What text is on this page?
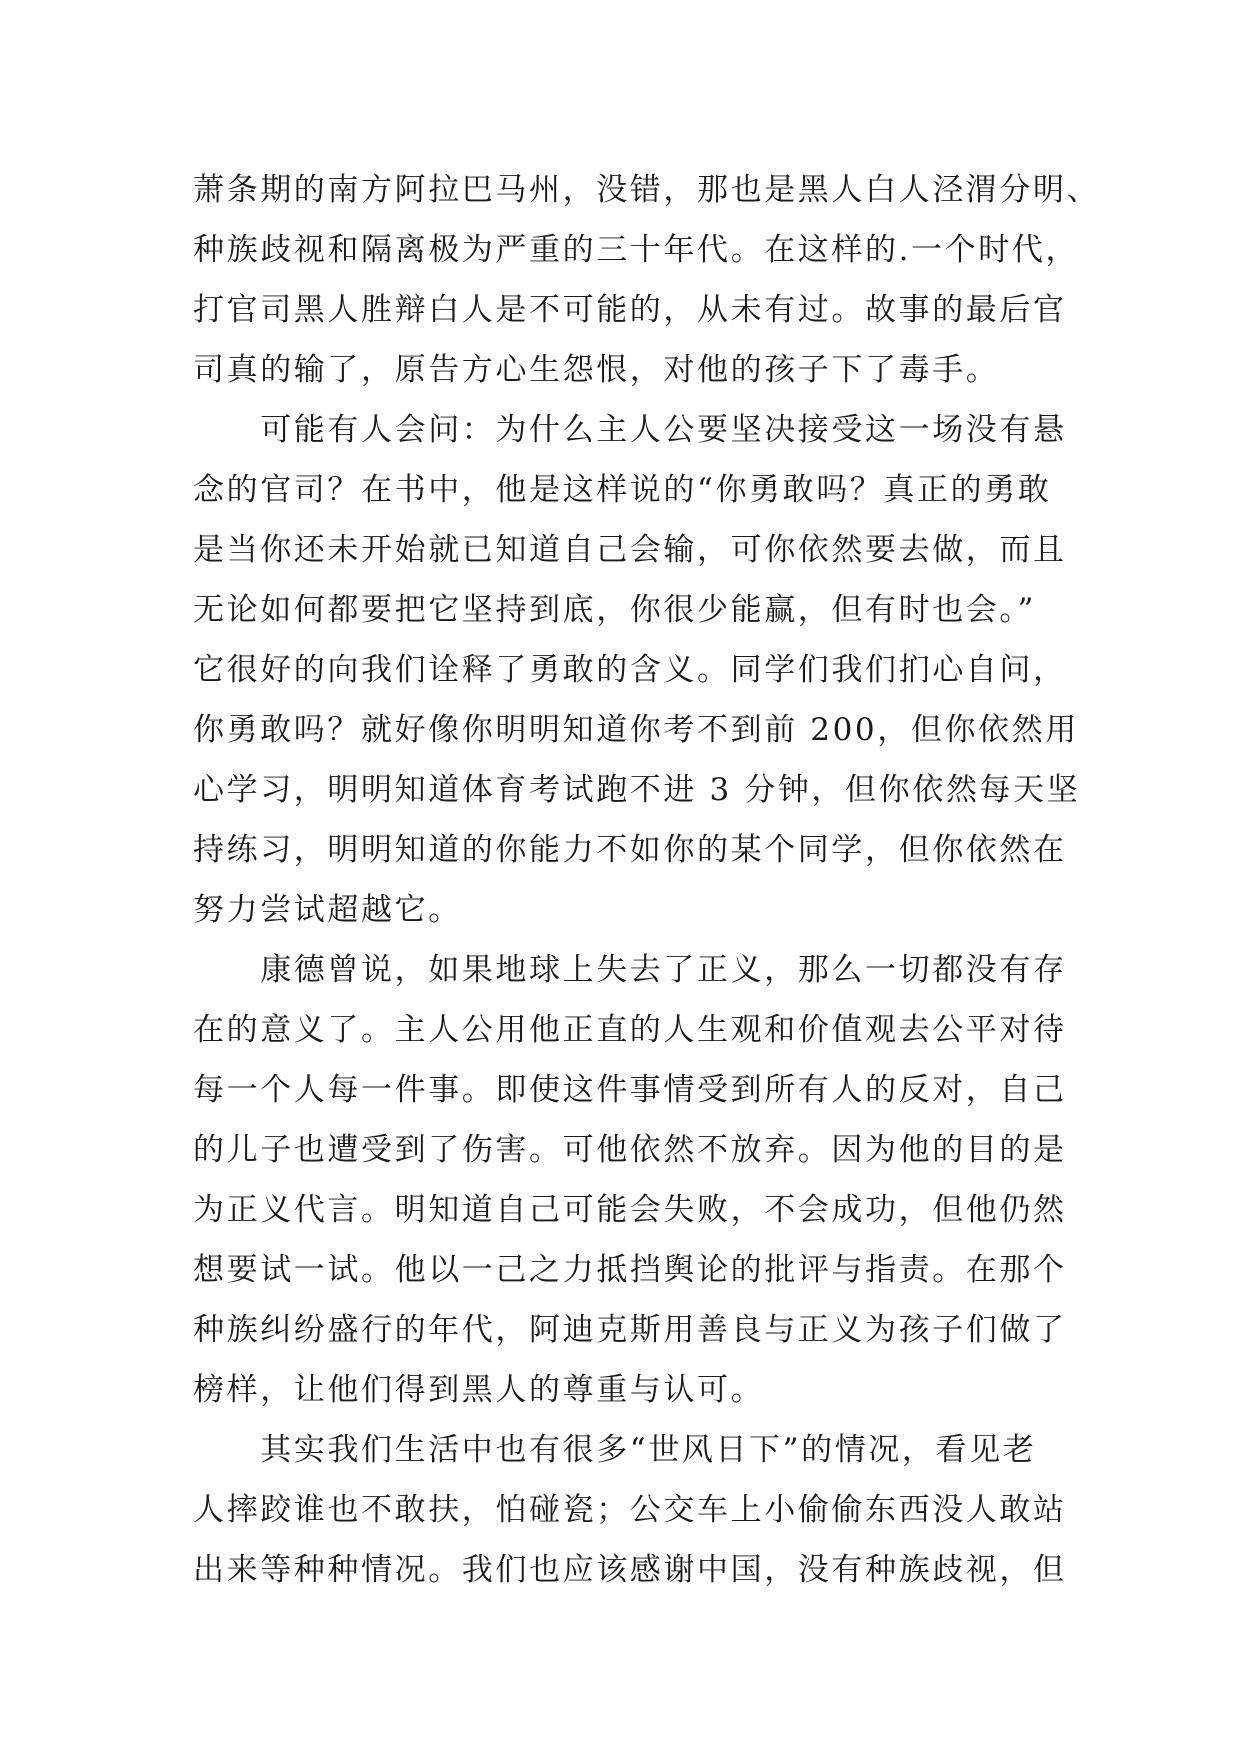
萧条期的南方阿拉巴马州，没错，那也是黑人白人泾渭分明、
种族歧视和隔离极为严重的三十年代。在这样的.一个时代，
打官司黑人胜辩白人是不可能的，从未有过。故事的最后官
司真的输了，原告方心生怨恨，对他的孩子下了毒手。
　　可能有人会问：为什么主人公要坚决接受这一场没有悬
念的官司？在书中，他是这样说的“你勇敢吗？真正的勇敢
是当你还未开始就已知道自己会输，可你依然要去做，而且
无论如何都要把它坚持到底，你很少能赢，但有时也会。”
它很好的向我们诠释了勇敢的含义。同学们我们扪心自问，
你勇敢吗？就好像你明明知道你考不到前 200，但你依然用
心学习，明明知道体育考试跑不进 3 分钟，但你依然每天坚
持练习，明明知道的你能力不如你的某个同学，但你依然在
努力尝试超越它。
　　康德曾说，如果地球上失去了正义，那么一切都没有存
在的意义了。主人公用他正直的人生观和价值观去公平对待
每一个人每一件事。即使这件事情受到所有人的反对，自己
的儿子也遭受到了伤害。可他依然不放弃。因为他的目的是
为正义代言。明知道自己可能会失败，不会成功，但他仍然
想要试一试。他以一己之力抵挡舆论的批评与指责。在那个
种族纠纷盛行的年代，阿迪克斯用善良与正义为孩子们做了
榜样，让他们得到黑人的尊重与认可。
　　其实我们生活中也有很多“世风日下”的情况，看见老
人摔跤谁也不敢扶，怕碰瓷；公交车上小偷偷东西没人敢站
出来等种种情况。我们也应该感谢中国，没有种族歧视，但
